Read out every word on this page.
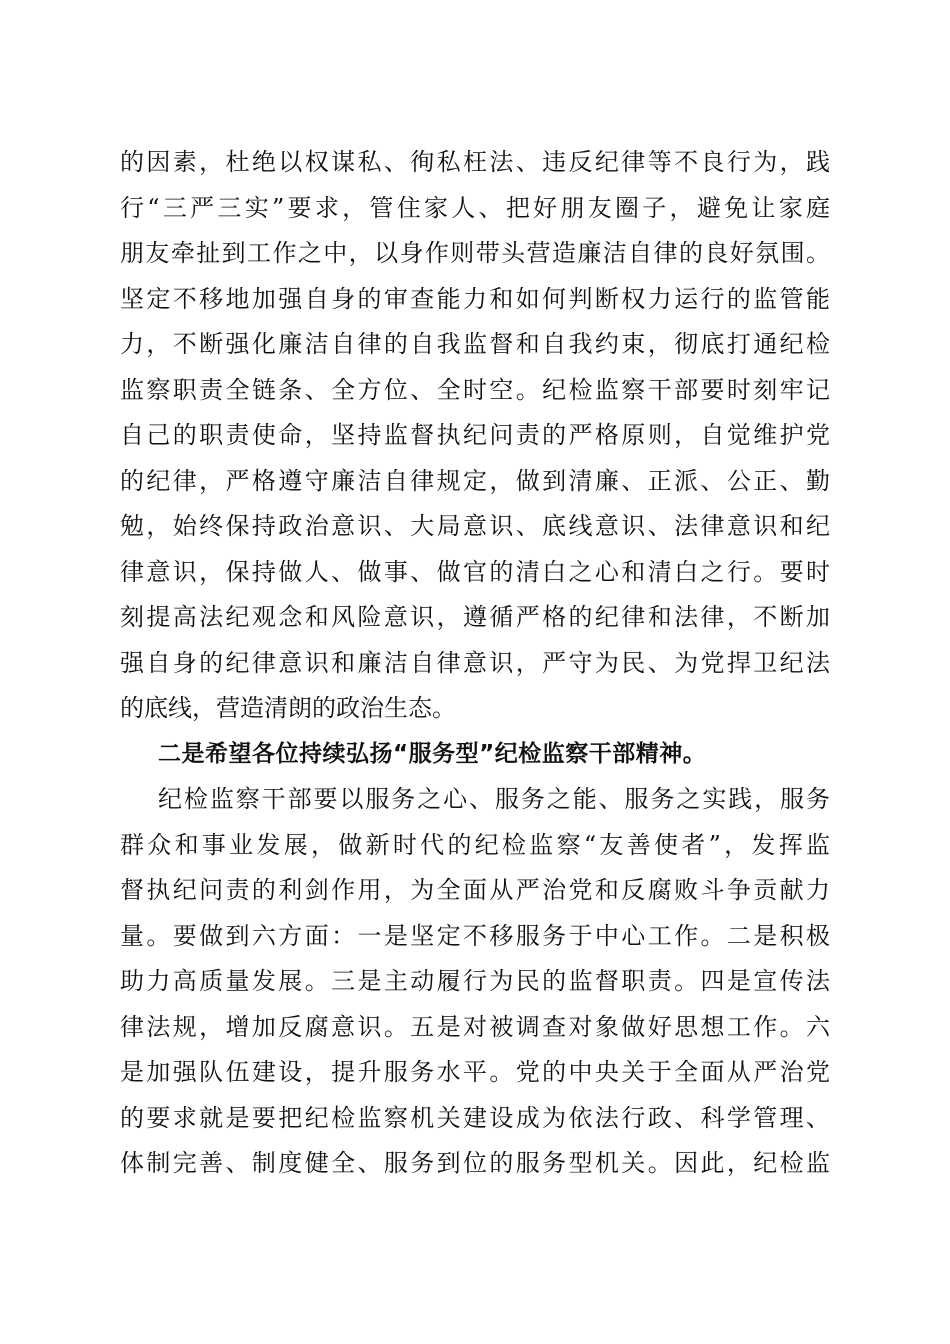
的因素，杜绝以权谋私、徇私枉法、违反纪律等不良行为，践
行“三严三实”要求，管住家人、把好朋友圈子，避免让家庭
朋友牵扯到工作之中，以身作则带头营造廉洁自律的良好氛围。
坚定不移地加强自身的审查能力和如何判断权力运行的监管能
力，不断强化廉洁自律的自我监督和自我约束，彻底打通纪检
监察职责全链条、全方位、全时空。纪检监察干部要时刻牢记
自己的职责使命，坚持监督执纪问责的严格原则，自觉维护党
的纪律，严格遵守廉洁自律规定，做到清廉、正派、公正、勤
勉，始终保持政治意识、大局意识、底线意识、法律意识和纪
律意识，保持做人、做事、做官的清白之心和清白之行。要时
刻提高法纪观念和风险意识，遵循严格的纪律和法律，不断加
强自身的纪律意识和廉洁自律意识，严守为民、为党捍卫纪法
的底线，营造清朗的政治生态。
二是希望各位持续弘扬“服务型”纪检监察干部精神。
纪检监察干部要以服务之心、服务之能、服务之实践，服务
群众和事业发展，做新时代的纪检监察“友善使者”，发挥监
督执纪问责的利剑作用，为全面从严治党和反腐败斗争贡献力
量。要做到六方面：一是坚定不移服务于中心工作。二是积极
助力高质量发展。三是主动履行为民的监督职责。四是宣传法
律法规，增加反腐意识。五是对被调查对象做好思想工作。六
是加强队伍建设，提升服务水平。党的中央关于全面从严治党
的要求就是要把纪检监察机关建设成为依法行政、科学管理、
体制完善、制度健全、服务到位的服务型机关。因此，纪检监
